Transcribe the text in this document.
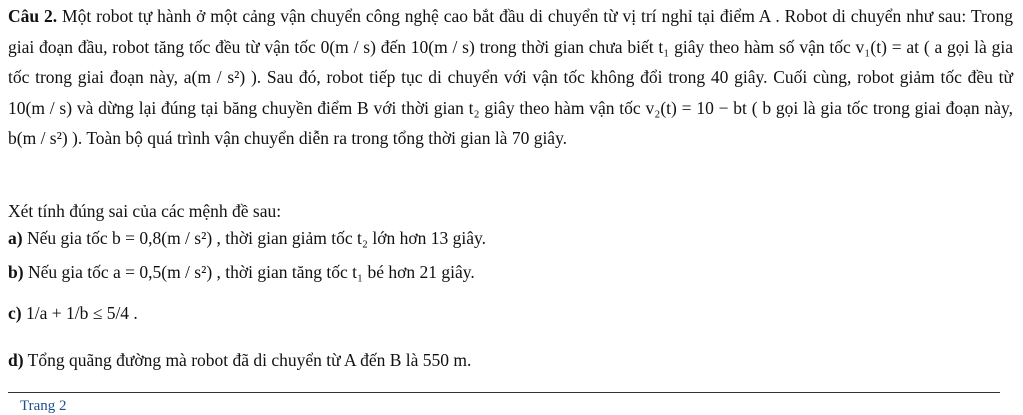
Câu 2. Một robot tự hành ở một cảng vận chuyển công nghệ cao bắt đầu di chuyển từ vị trí nghỉ tại điểm A . Robot di chuyển như sau: Trong giai đoạn đầu, robot tăng tốc đều từ vận tốc 0(m / s) đến 10(m / s) trong thời gian chưa biết t₁ giây theo hàm số vận tốc v₁(t) = at ( a gọi là gia tốc trong giai đoạn này, a(m / s²) ). Sau đó, robot tiếp tục di chuyển với vận tốc không đổi trong 40 giây. Cuối cùng, robot giảm tốc đều từ 10(m / s) và dừng lại đúng tại băng chuyền điểm B với thời gian t₂ giây theo hàm vận tốc v₂(t) = 10 − bt ( b gọi là gia tốc trong giai đoạn này, b(m / s²) ). Toàn bộ quá trình vận chuyển diễn ra trong tổng thời gian là 70 giây.

Xét tính đúng sai của các mệnh đề sau:

a) Nếu gia tốc b = 0,8(m / s²) , thời gian giảm tốc t₂ lớn hơn 13 giây.

b) Nếu gia tốc a = 0,5(m / s²) , thời gian tăng tốc t₁ bé hơn 21 giây.

c) 1/a + 1/b ≤ 5/4 .

d) Tổng quãng đường mà robot đã di chuyển từ A đến B là 550 m.

Trang 2
